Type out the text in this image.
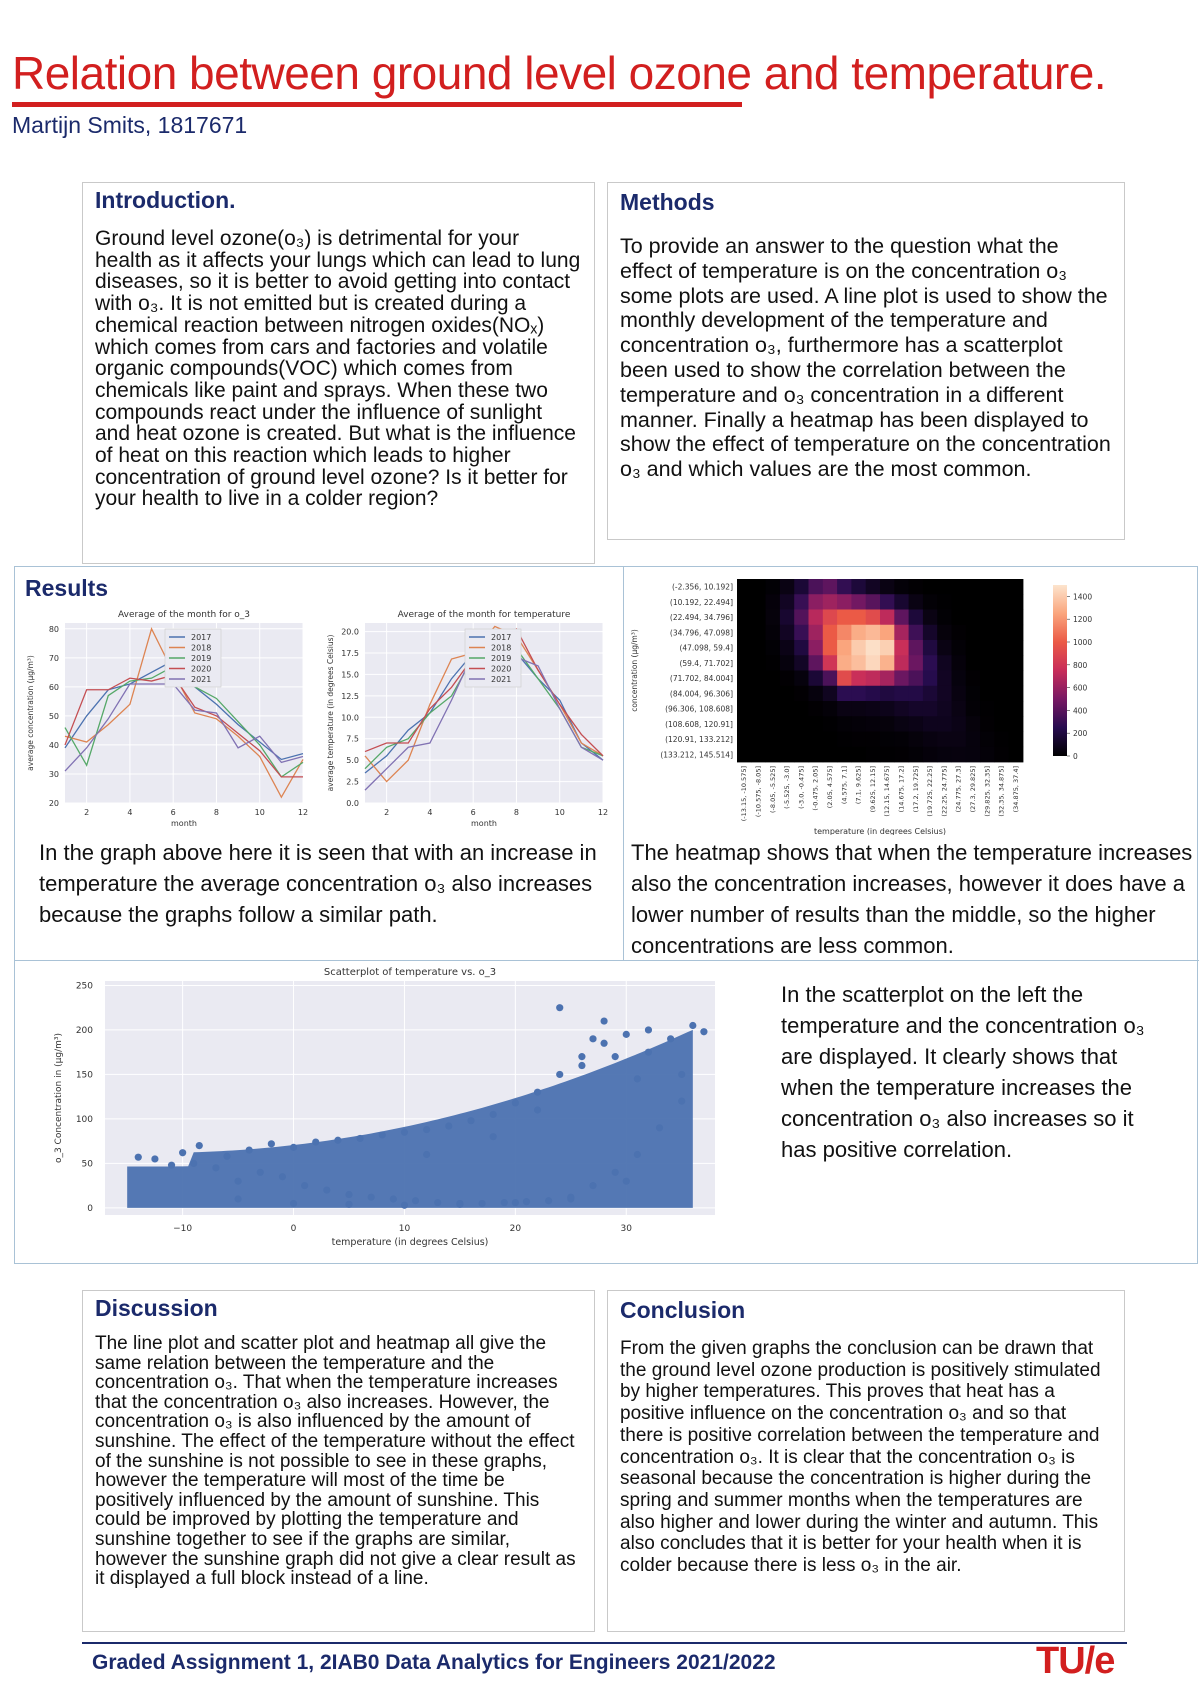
Relation between ground level ozone and temperature.
Martijn Smits, 1817671
Introduction.

Ground level ozone(o₃) is detrimental for your health as it affects your lungs which can lead to lung diseases, so it is better to avoid getting into contact with o₃. It is not emitted but is created during a chemical reaction between nitrogen oxides(NOₓ) which comes from cars and factories and volatile organic compounds(VOC) which comes from chemicals like paint and sprays. When these two compounds react under the influence of sunlight and heat ozone is created. But what is the influence of heat on this reaction which leads to higher concentration of ground level ozone? Is it better for your health to live in a colder region?

Methods

To provide an answer to the question what the effect of temperature is on the concentration o₃ some plots are used. A line plot is used to show the monthly development of the temperature and concentration o₃, furthermore has a scatterplot been used to show the correlation between the temperature and o₃ concentration in a different manner. Finally a heatmap has been displayed to show the effect of temperature on the concentration o₃ and which values are the most common.

Results
Average of the month for o_3
20
30
40
50
60
70
80
2	4	6	8	10	12
month
average concentration (μg/m³)
2017
2018
2019
2020
2021
Average of the month for temperature
0.0
2.5
5.0
7.5
10.0
12.5
15.0
17.5
20.0
2	4	6	8	10	12
month
average temperature (in degrees Celsius)	2017
2018
2019
2020
2021
(-2.356, 10.192]
(10.192, 22.494]
(22.494, 34.796]
(34.796, 47.098]
(47.098, 59.4]
(59.4, 71.702]
(71.702, 84.004]
(84.004, 96.306]
(96.306, 108.608]
(108.608, 120.91]
(120.91, 133.212]
(133.212, 145.514]
(-13.15, -10.575] (-10.575, -8.05] (-8.05, -5.525] (-5.525, -3.0] (-3.0, -0.475] (-0.475, 2.05] (2.05, 4.575] (4.575, 7.1] (7.1, 9.625] (9.625, 12.15] (12.15, 14.675] (14.675, 17.2] (17.2, 19.725] (19.725, 22.25] (22.25, 24.775] (24.775, 27.3] (27.3, 29.825] (29.825, 32.35] (32.35, 34.875] (34.875, 37.4]
temperature (in degrees Celsius)
concentration (μg/m³)
0
200
400
600
800
1000
1200
1400
In the graph above here it is seen that with an increase in temperature the average concentration o₃ also increases because the graphs follow a similar path.
The heatmap shows that when the temperature increases also the concentration increases, however it does have a lower number of results than the middle, so the higher concentrations are less common.
Scatterplot of temperature vs. o_3
0
50
100
150
200
250
−10	0	10	20	30
temperature (in degrees Celsius)
o_3 Concentration in (μg/m³)
In the scatterplot on the left the temperature and the concentration o₃ are displayed. It clearly shows that when the temperature increases the concentration o₃ also increases so it has positive correlation.
Discussion

The line plot and scatter plot and heatmap all give the same relation between the temperature and the concentration o₃. That when the temperature increases that the concentration o₃ also increases. However, the concentration o₃ is also influenced by the amount of sunshine. The effect of the temperature without the effect of the sunshine is not possible to see in these graphs, however the temperature will most of the time be positively influenced by the amount of sunshine. This could be improved by plotting the temperature and sunshine together to see if the graphs are similar, however the sunshine graph did not give a clear result as it displayed a full block instead of a line.

Conclusion

From the given graphs the conclusion can be drawn that the ground level ozone production is positively stimulated by higher temperatures. This proves that heat has a positive influence on the concentration o₃ and so that there is positive correlation between the temperature and concentration o₃. It is clear that the concentration o₃ is seasonal because the concentration is higher during the spring and summer months when the temperatures are also higher and lower during the winter and autumn. This also concludes that it is better for your health when it is colder because there is less o₃ in the air.

Graded Assignment 1, 2IAB0 Data Analytics for Engineers 2021/2022	TU/e
